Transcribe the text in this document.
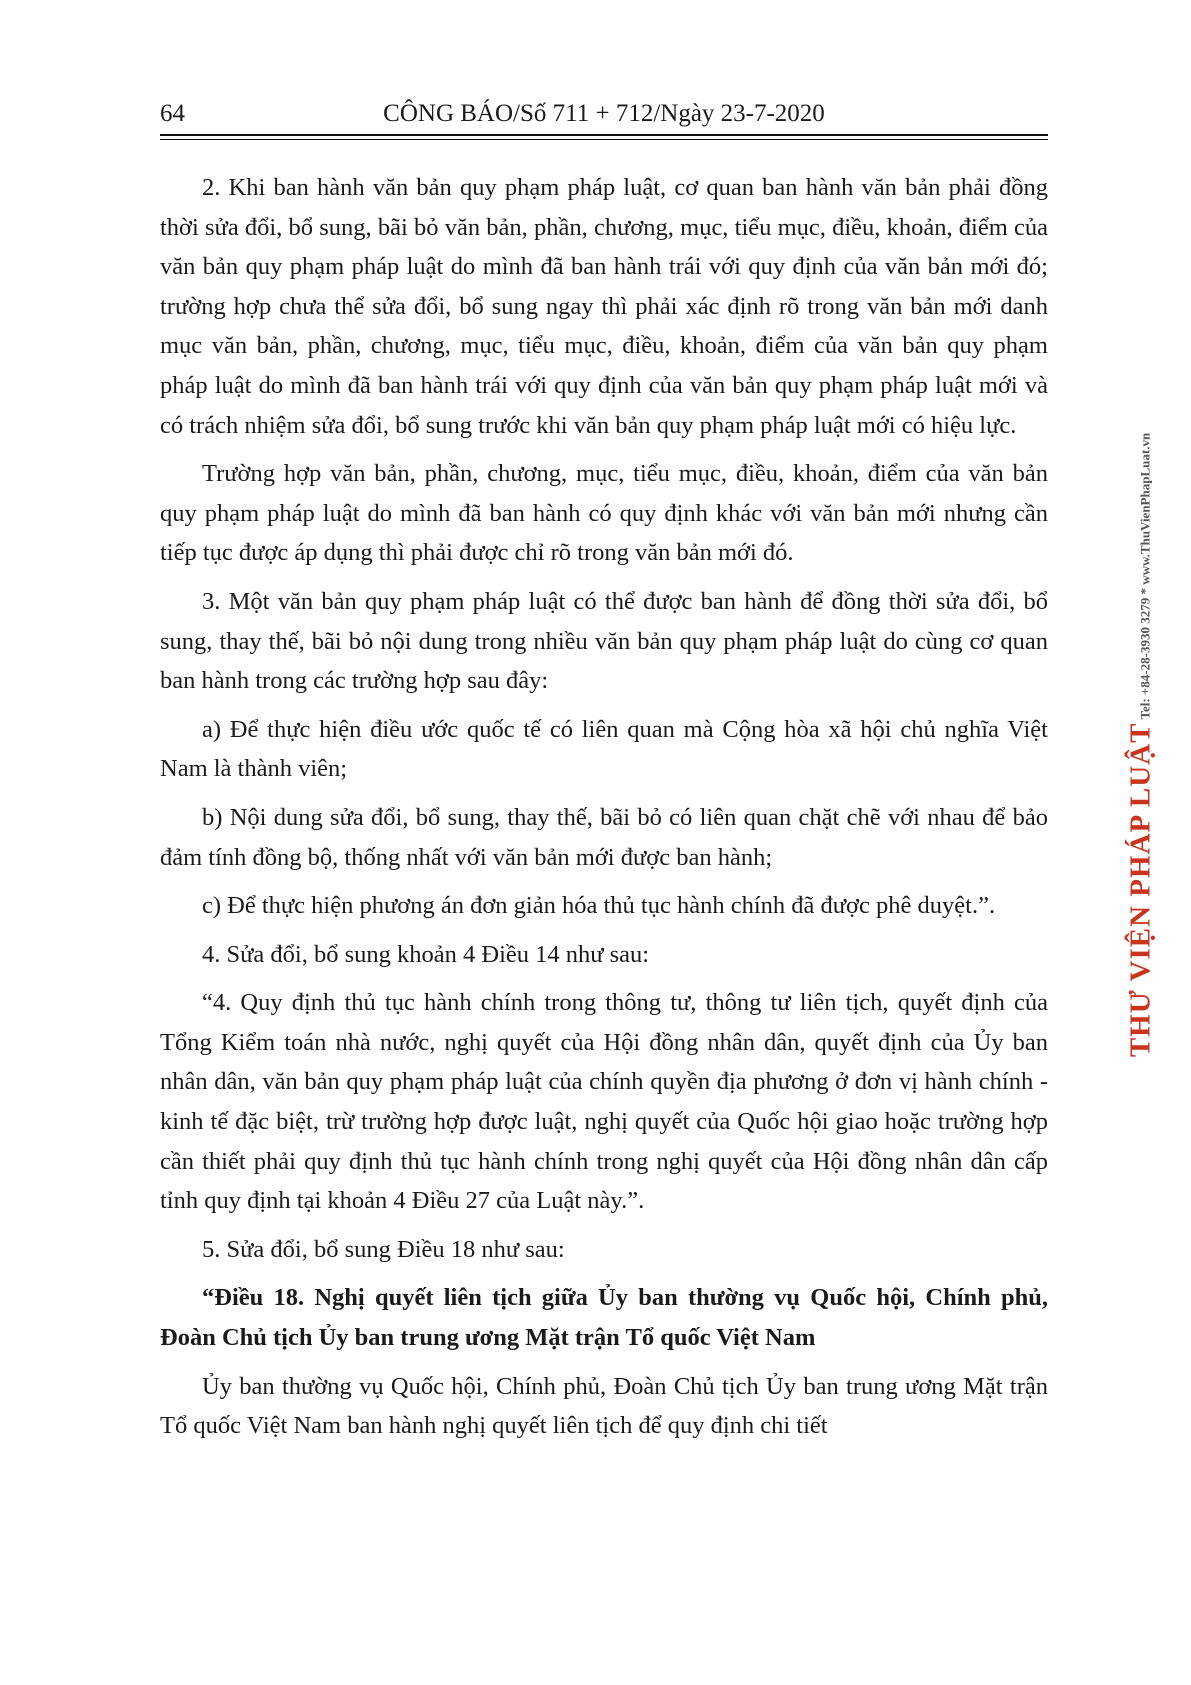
64	CÔNG BÁO/Số 711 + 712/Ngày 23-7-2020

2. Khi ban hành văn bản quy phạm pháp luật, cơ quan ban hành văn bản phải đồng thời sửa đổi, bổ sung, bãi bỏ văn bản, phần, chương, mục, tiểu mục, điều, khoản, điểm của văn bản quy phạm pháp luật do mình đã ban hành trái với quy định của văn bản mới đó; trường hợp chưa thể sửa đổi, bổ sung ngay thì phải xác định rõ trong văn bản mới danh mục văn bản, phần, chương, mục, tiểu mục, điều, khoản, điểm của văn bản quy phạm pháp luật do mình đã ban hành trái với quy định của văn bản quy phạm pháp luật mới và có trách nhiệm sửa đổi, bổ sung trước khi văn bản quy phạm pháp luật mới có hiệu lực.

Trường hợp văn bản, phần, chương, mục, tiểu mục, điều, khoản, điểm của văn bản quy phạm pháp luật do mình đã ban hành có quy định khác với văn bản mới nhưng cần tiếp tục được áp dụng thì phải được chỉ rõ trong văn bản mới đó.

3. Một văn bản quy phạm pháp luật có thể được ban hành để đồng thời sửa đổi, bổ sung, thay thế, bãi bỏ nội dung trong nhiều văn bản quy phạm pháp luật do cùng cơ quan ban hành trong các trường hợp sau đây:

a) Để thực hiện điều ước quốc tế có liên quan mà Cộng hòa xã hội chủ nghĩa Việt Nam là thành viên;

b) Nội dung sửa đổi, bổ sung, thay thế, bãi bỏ có liên quan chặt chẽ với nhau để bảo đảm tính đồng bộ, thống nhất với văn bản mới được ban hành;

c) Để thực hiện phương án đơn giản hóa thủ tục hành chính đã được phê duyệt.”.

4. Sửa đổi, bổ sung khoản 4 Điều 14 như sau:

“4. Quy định thủ tục hành chính trong thông tư, thông tư liên tịch, quyết định của Tổng Kiểm toán nhà nước, nghị quyết của Hội đồng nhân dân, quyết định của Ủy ban nhân dân, văn bản quy phạm pháp luật của chính quyền địa phương ở đơn vị hành chính - kinh tế đặc biệt, trừ trường hợp được luật, nghị quyết của Quốc hội giao hoặc trường hợp cần thiết phải quy định thủ tục hành chính trong nghị quyết của Hội đồng nhân dân cấp tỉnh quy định tại khoản 4 Điều 27 của Luật này.”.

5. Sửa đổi, bổ sung Điều 18 như sau:

“Điều 18. Nghị quyết liên tịch giữa Ủy ban thường vụ Quốc hội, Chính phủ, Đoàn Chủ tịch Ủy ban trung ương Mặt trận Tổ quốc Việt Nam

Ủy ban thường vụ Quốc hội, Chính phủ, Đoàn Chủ tịch Ủy ban trung ương Mặt trận Tổ quốc Việt Nam ban hành nghị quyết liên tịch để quy định chi tiết

THƯ VIỆN PHÁP LUẬT Tel: +84-28-3930 3279 * www.ThuVienPhapLuat.vn
